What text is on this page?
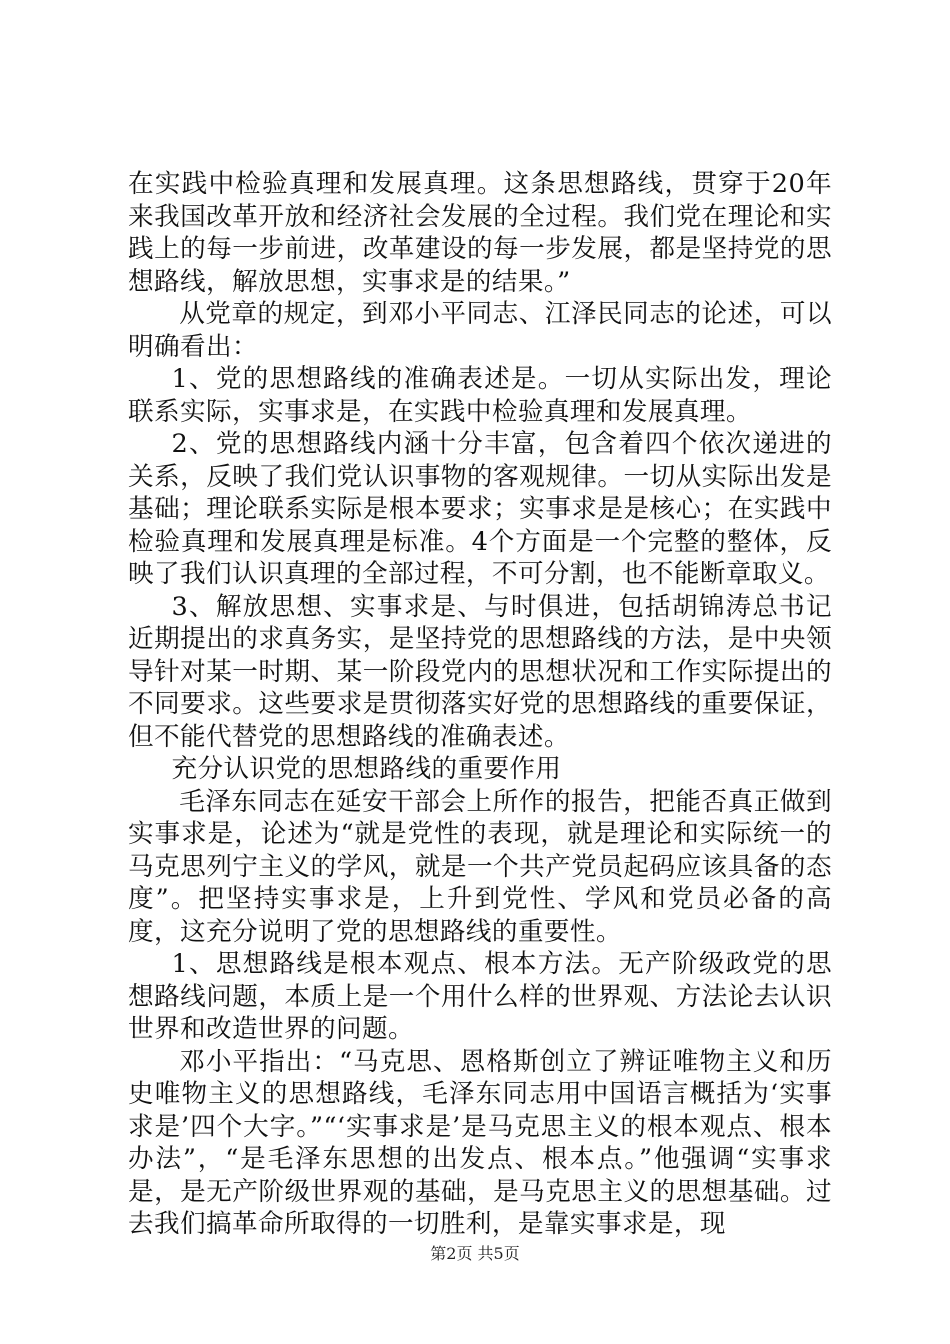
在实践中检验真理和发展真理。这条思想路线，贯穿于20年来我国改革开放和经济社会发展的全过程。我们党在理论和实践上的每一步前进，改革建设的每一步发展，都是坚持党的思想路线，解放思想，实事求是的结果。”

从党章的规定，到邓小平同志、江泽民同志的论述，可以明确看出：

1、党的思想路线的准确表述是。一切从实际出发，理论联系实际，实事求是，在实践中检验真理和发展真理。

2、党的思想路线内涵十分丰富，包含着四个依次递进的关系，反映了我们党认识事物的客观规律。一切从实际出发是基础；理论联系实际是根本要求；实事求是是核心；在实践中检验真理和发展真理是标准。4个方面是一个完整的整体，反映了我们认识真理的全部过程，不可分割，也不能断章取义。

3、解放思想、实事求是、与时俱进，包括胡锦涛总书记近期提出的求真务实，是坚持党的思想路线的方法，是中央领导针对某一时期、某一阶段党内的思想状况和工作实际提出的不同要求。这些要求是贯彻落实好党的思想路线的重要保证，但不能代替党的思想路线的准确表述。

充分认识党的思想路线的重要作用

毛泽东同志在延安干部会上所作的报告，把能否真正做到实事求是，论述为“就是党性的表现，就是理论和实际统一的马克思列宁主义的学风，就是一个共产党员起码应该具备的态度”。把坚持实事求是，上升到党性、学风和党员必备的高度，这充分说明了党的思想路线的重要性。

1、思想路线是根本观点、根本方法。无产阶级政党的思想路线问题，本质上是一个用什么样的世界观、方法论去认识世界和改造世界的问题。

邓小平指出：“马克思、恩格斯创立了辨证唯物主义和历史唯物主义的思想路线，毛泽东同志用中国语言概括为‘实事求是’四个大字。”“‘实事求是’是马克思主义的根本观点、根本办法”，“是毛泽东思想的出发点、根本点。”他强调“实事求是，是无产阶级世界观的基础，是马克思主义的思想基础。过去我们搞革命所取得的一切胜利，是靠实事求是，现

第2页 共5页
